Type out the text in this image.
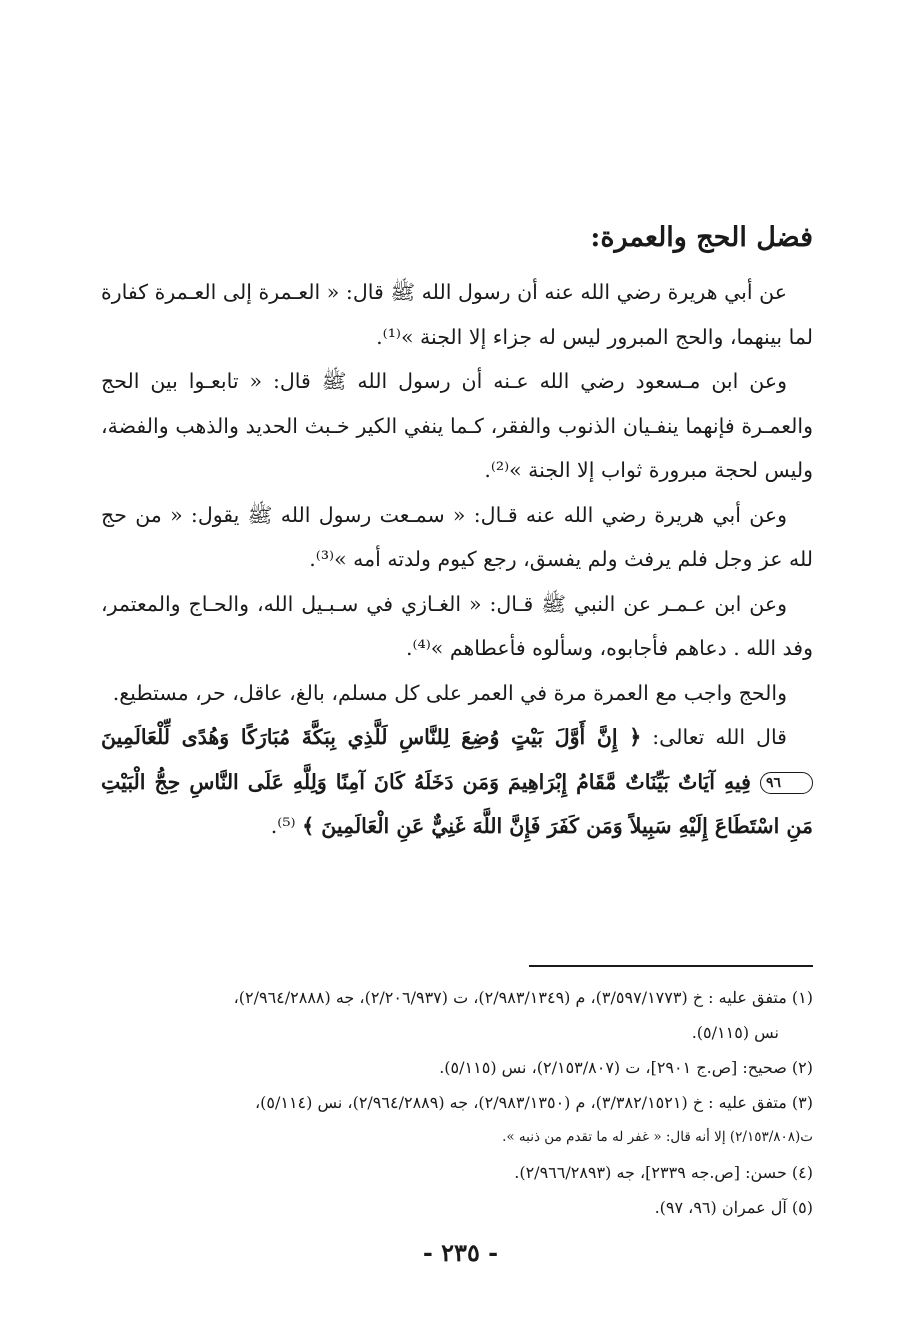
فضل الحج والعمرة:

عن أبي هريرة رضي الله عنه أن رسول الله ﷺ قال: « العـمرة إلى العـمرة كفارة لما بينهما، والحج المبرور ليس له جزاء إلا الجنة »⁽¹⁾.

وعن ابن مـسعود رضي الله عـنه أن رسول الله ﷺ قال: « تابعـوا بين الحج والعمـرة فإنهما ينفـيان الذنوب والفقر، كـما ينفي الكير خـبث الحديد والذهب والفضة، وليس لحجة مبرورة ثواب إلا الجنة »⁽²⁾.

وعن أبي هريرة رضي الله عنه قـال: « سمـعت رسول الله ﷺ يقول: « من حج لله عز وجل فلم يرفث ولم يفسق، رجع كيوم ولدته أمه »⁽³⁾.

وعن ابن عـمـر عن النبي ﷺ قـال: « الغـازي في سـبـيل الله، والحـاج والمعتمر، وفد الله . دعاهم فأجابوه، وسألوه فأعطاهم »⁽⁴⁾.

والحج واجب مع العمرة مرة في العمر على كل مسلم، بالغ، عاقل، حر، مستطيع.

قال الله تعالى: ﴿ إِنَّ أَوَّلَ بَيْتٍ وُضِعَ لِلنَّاسِ لَلَّذِي بِبَكَّةَ مُبَارَكًا وَهُدًى لِّلْعَالَمِينَ ٩٦ فِيهِ آيَاتٌ بَيِّنَاتٌ مَّقَامُ إِبْرَاهِيمَ وَمَن دَخَلَهُ كَانَ آمِنًا وَلِلَّهِ عَلَى النَّاسِ حِجُّ الْبَيْتِ مَنِ اسْتَطَاعَ إِلَيْهِ سَبِيلاً وَمَن كَفَرَ فَإِنَّ اللَّهَ غَنِيٌّ عَنِ الْعَالَمِينَ ﴾ ⁽⁵⁾.

(١) متفق عليه : خ (٣/٥٩٧/١٧٧٣)، م (٢/٩٨٣/١٣٤٩)، ت (٢/٢٠٦/٩٣٧)، جه (٢/٩٦٤/٢٨٨٨)،

نس (٥/١١٥).

(٢) صحيح: [ص.ج ٢٩٠١]، ت (٢/١٥٣/٨٠٧)، نس (٥/١١٥).

(٣) متفق عليه : خ (٣/٣٨٢/١٥٢١)، م (٢/٩٨٣/١٣٥٠)، جه (٢/٩٦٤/٢٨٨٩)، نس (٥/١١٤)،

ت(٢/١٥٣/٨٠٨) إلا أنه قال: « غفر له ما تقدم من ذنبه ».

(٤) حسن: [ص.جه ٢٣٣٩]، جه (٢/٩٦٦/٢٨٩٣).

(٥) آل عمران (٩٦، ٩٧).

- ٢٣٥ -
